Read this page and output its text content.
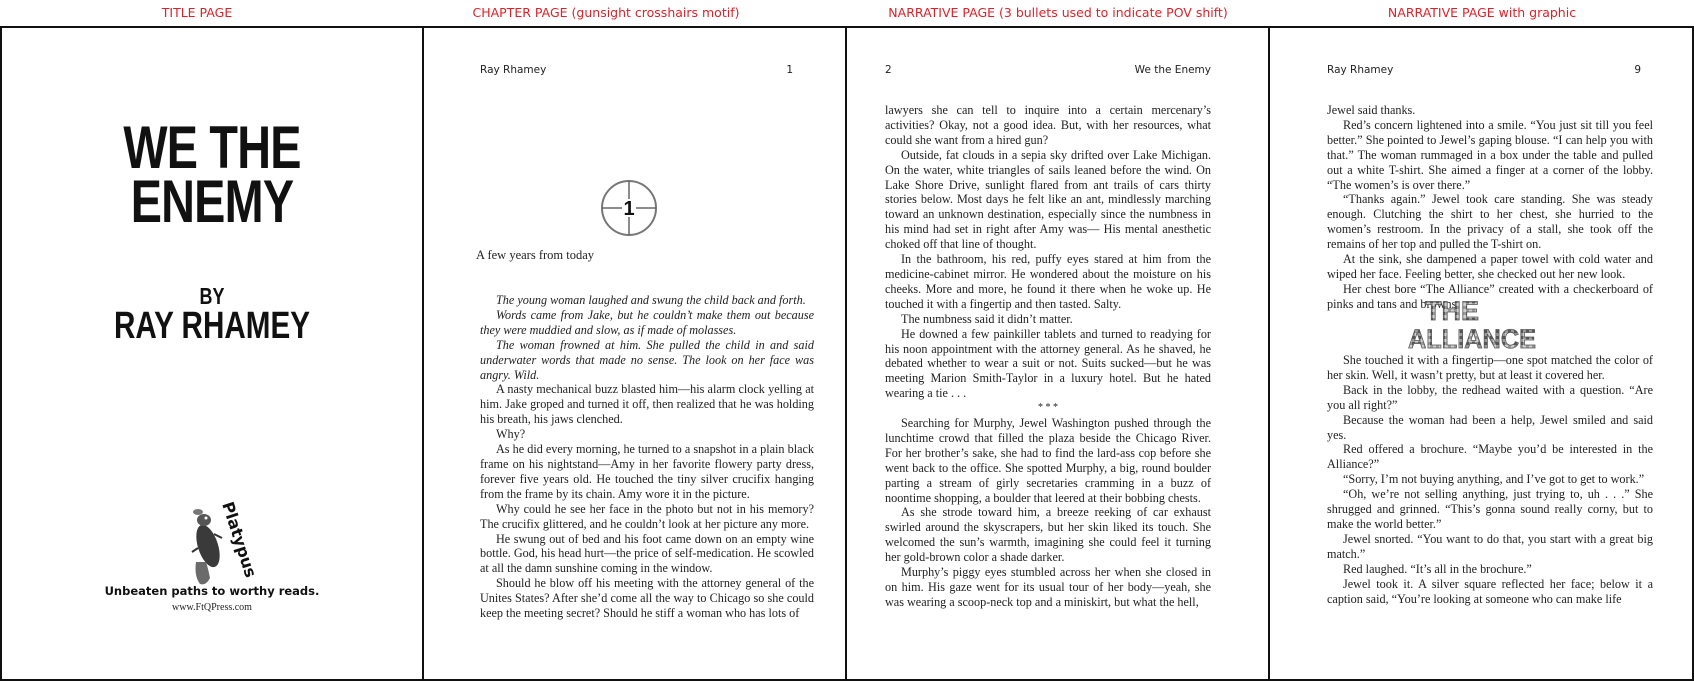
TITLE PAGE	CHAPTER PAGE (gunsight crosshairs motif)	NARRATIVE PAGE (3 bullets used to indicate POV shift)	NARRATIVE PAGE with graphic
WE THE
ENEMY
BY
RAY RHAMEY
Platypus
Unbeaten paths to worthy reads.
www.FtQPress.com
Ray Rhamey	1
1
A few years from today

The young woman laughed and swung the child back and forth.

Words came from Jake, but he couldn’t make them out because they were muddied and slow, as if made of molasses.

The woman frowned at him. She pulled the child in and said underwater words that made no sense. The look on her face was angry. Wild.

A nasty mechanical buzz blasted him—his alarm clock yelling at him. Jake groped and turned it off, then realized that he was holding his breath, his jaws clenched.

Why?

As he did every morning, he turned to a snapshot in a plain black frame on his nightstand—Amy in her favorite flowery party dress, forever five years old. He touched the tiny silver crucifix hanging from the frame by its chain. Amy wore it in the picture.

Why could he see her face in the photo but not in his memory? The crucifix glittered, and he couldn’t look at her picture any more.

He swung out of bed and his foot came down on an empty wine bottle. God, his head hurt—the price of self-medication. He scowled at all the damn sunshine coming in the window.

Should he blow off his meeting with the attorney general of the Unites States? After she’d come all the way to Chicago so she could keep the meeting secret? Should he stiff a woman who has lots of

2	We the Enemy

lawyers she can tell to inquire into a certain mercenary’s activities? Okay, not a good idea. But, with her resources, what could she want from a hired gun?

Outside, fat clouds in a sepia sky drifted over Lake Michigan. On the water, white triangles of sails leaned before the wind. On Lake Shore Drive, sunlight flared from ant trails of cars thirty stories below. Most days he felt like an ant, mindlessly marching toward an unknown destination, especially since the numbness in his mind had set in right after Amy was— His mental anesthetic choked off that line of thought.

In the bathroom, his red, puffy eyes stared at him from the medicine-cabinet mirror. He wondered about the moisture on his cheeks. More and more, he found it there when he woke up. He touched it with a fingertip and then tasted. Salty.

The numbness said it didn’t matter.

He downed a few painkiller tablets and turned to readying for his noon appointment with the attorney general. As he shaved, he debated whether to wear a suit or not. Suits sucked—but he was meeting Marion Smith-Taylor in a luxury hotel. But he hated wearing a tie . . .

* * *

Searching for Murphy, Jewel Washington pushed through the lunchtime crowd that filled the plaza beside the Chicago River. For her brother’s sake, she had to find the lard-ass cop before she went back to the office. She spotted Murphy, a big, round boulder parting a stream of girly secretaries cramming in a buzz of noontime shopping, a boulder that leered at their bobbing chests.

As she strode toward him, a breeze reeking of car exhaust swirled around the skyscrapers, but her skin liked its touch. She welcomed the sun’s warmth, imagining she could feel it turning her gold-brown color a shade darker.

Murphy’s piggy eyes stumbled across her when she closed in on him. His gaze went for its usual tour of her body—yeah, she was wearing a scoop-neck top and a miniskirt, but what the hell,

Ray Rhamey	9

Jewel said thanks.

Red’s concern lightened into a smile. “You just sit till you feel better.” She pointed to Jewel’s gaping blouse. “I can help you with that.” The woman rummaged in a box under the table and pulled out a white T-shirt. She aimed a finger at a corner of the lobby. “The women’s is over there.”

“Thanks again.” Jewel took care standing. She was steady enough. Clutching the shirt to her chest, she hurried to the women’s restroom. In the privacy of a stall, she took off the remains of her top and pulled the T-shirt on.

At the sink, she dampened a paper towel with cold water and wiped her face. Feeling better, she checked out her new look.

Her chest bore “The Alliance” created with a checkerboard of pinks and tans and browns.

THE
ALLIANCE

She touched it with a fingertip—one spot matched the color of her skin. Well, it wasn’t pretty, but at least it covered her.

Back in the lobby, the redhead waited with a question. “Are you all right?”

Because the woman had been a help, Jewel smiled and said yes.

Red offered a brochure. “Maybe you’d be interested in the Alliance?”

“Sorry, I’m not buying anything, and I’ve got to get to work.”

“Oh, we’re not selling anything, just trying to, uh . . .” She shrugged and grinned. “This’s gonna sound really corny, but to make the world better.”

Jewel snorted. “You want to do that, you start with a great big match.”

Red laughed. “It’s all in the brochure.”

Jewel took it. A silver square reflected her face; below it a caption said, “You’re looking at someone who can make life
